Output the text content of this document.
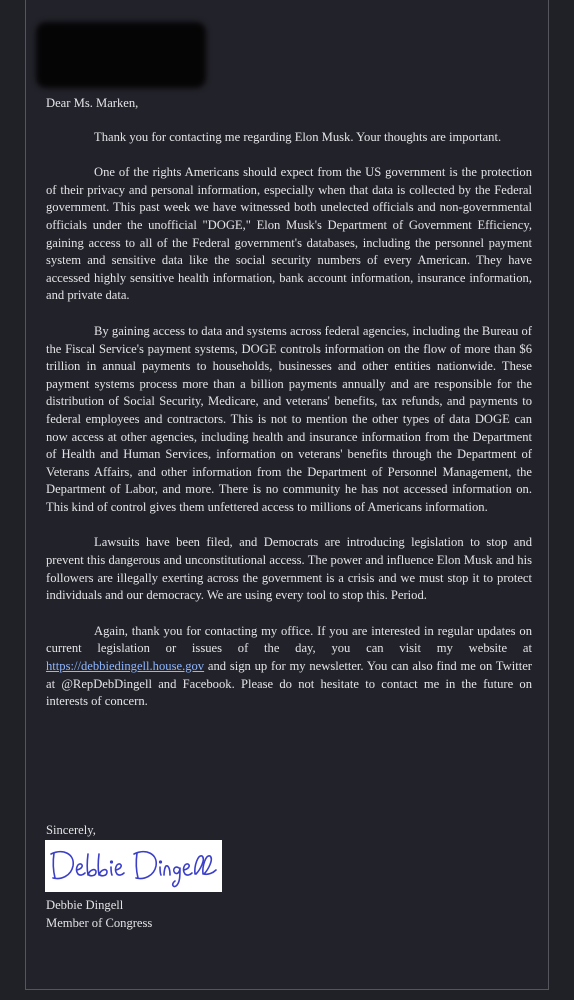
Dear Ms. Marken,

Thank you for contacting me regarding Elon Musk. Your thoughts are important.

One of the rights Americans should expect from the US government is the protection of their privacy and personal information, especially when that data is collected by the Federal government. This past week we have witnessed both unelected officials and non-governmental officials under the unofficial "DOGE," Elon Musk's Department of Government Efficiency, gaining access to all of the Federal government's databases, including the personnel payment system and sensitive data like the social security numbers of every American. They have accessed highly sensitive health information, bank account information, insurance information, and private data.

By gaining access to data and systems across federal agencies, including the Bureau of the Fiscal Service's payment systems, DOGE controls information on the flow of more than $6 trillion in annual payments to households, businesses and other entities nationwide. These payment systems process more than a billion payments annually and are responsible for the distribution of Social Security, Medicare, and veterans' benefits, tax refunds, and payments to federal employees and contractors. This is not to mention the other types of data DOGE can now access at other agencies, including health and insurance information from the Department of Health and Human Services, information on veterans' benefits through the Department of Veterans Affairs, and other information from the Department of Personnel Management, the Department of Labor, and more. There is no community he has not accessed information on. This kind of control gives them unfettered access to millions of Americans information.

Lawsuits have been filed, and Democrats are introducing legislation to stop and prevent this dangerous and unconstitutional access. The power and influence Elon Musk and his followers are illegally exerting across the government is a crisis and we must stop it to protect individuals and our democracy. We are using every tool to stop this. Period.

Again, thank you for contacting my office. If you are interested in regular updates on current legislation or issues of the day, you can visit my website at https://debbiedingell.house.gov and sign up for my newsletter. You can also find me on Twitter at @RepDebDingell and Facebook. Please do not hesitate to contact me in the future on interests of concern.

Sincerely,
Debbie Dingell
Member of Congress
